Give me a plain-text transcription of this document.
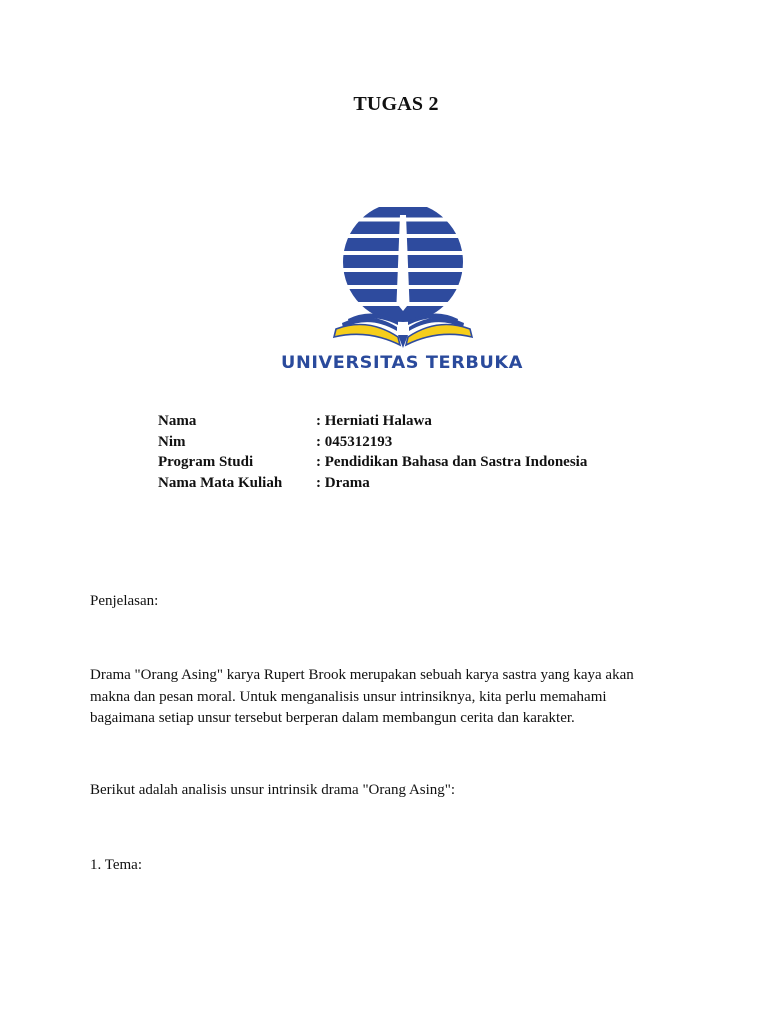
TUGAS 2
UNIVERSITAS TERBUKA
Nama	: Herniati Halawa
Nim	: 045312193
Program Studi	: Pendidikan Bahasa dan Sastra Indonesia
Nama Mata Kuliah	: Drama

Penjelasan:

Drama "Orang Asing" karya Rupert Brook merupakan sebuah karya sastra yang kaya akan makna dan pesan moral. Untuk menganalisis unsur intrinsiknya, kita perlu memahami bagaimana setiap unsur tersebut berperan dalam membangun cerita dan karakter.

Berikut adalah analisis unsur intrinsik drama "Orang Asing":

1. Tema:
